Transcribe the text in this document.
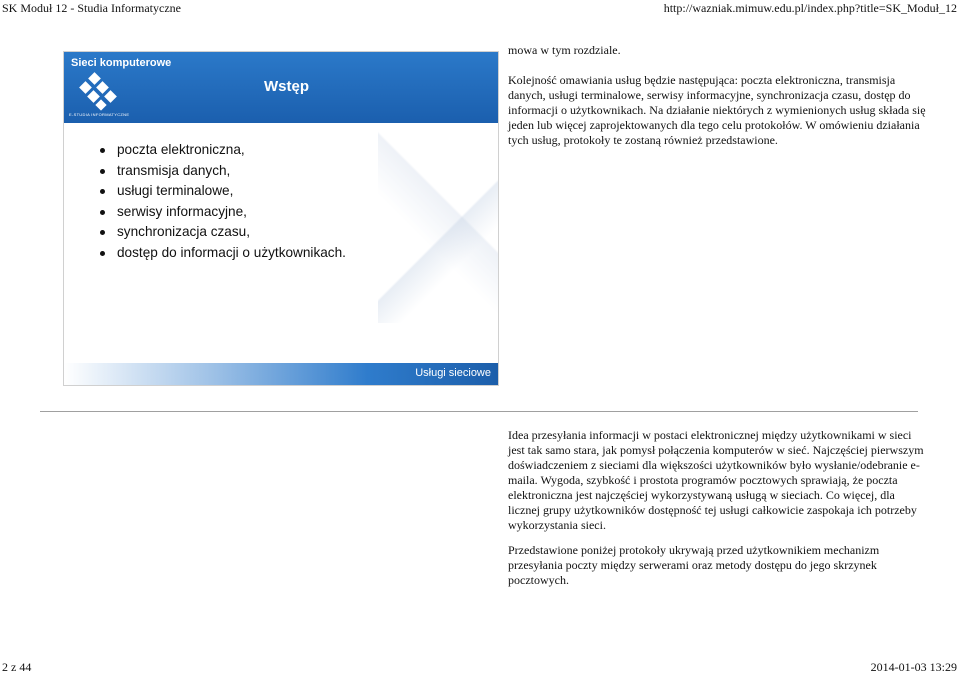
SK Moduł 12 - Studia Informatyczne	http://wazniak.mimuw.edu.pl/index.php?title=SK_Moduł_12
Sieci komputerowe
E-STUDIA INFORMATYCZNE
Wstęp
poczta elektroniczna,
transmisja danych,
usługi terminalowe,
serwisy informacyjne,
synchronizacja czasu,
dostęp do informacji o użytkownikach.
Usługi sieciowe
mowa w tym rozdziale.
Kolejność omawiania usług będzie następująca: poczta elektroniczna, transmisja danych, usługi terminalowe, serwisy informacyjne, synchronizacja czasu, dostęp do informacji o użytkownikach. Na działanie niektórych z wymienionych usług składa się jeden lub więcej zaprojektowanych dla tego celu protokołów. W omówieniu działania tych usług, protokoły te zostaną również przedstawione.
Idea przesyłania informacji w postaci elektronicznej między użytkownikami w sieci jest tak samo stara, jak pomysł połączenia komputerów w sieć. Najczęściej pierwszym doświadczeniem z sieciami dla większości użytkowników było wysłanie/odebranie e-maila. Wygoda, szybkość i prostota programów pocztowych sprawiają, że poczta elektroniczna jest najczęściej wykorzystywaną usługą w sieciach. Co więcej, dla licznej grupy użytkowników dostępność tej usługi całkowicie zaspokaja ich potrzeby wykorzystania sieci.
Przedstawione poniżej protokoły ukrywają przed użytkownikiem mechanizm przesyłania poczty między serwerami oraz metody dostępu do jego skrzynek pocztowych.
2 z 44	2014-01-03 13:29
